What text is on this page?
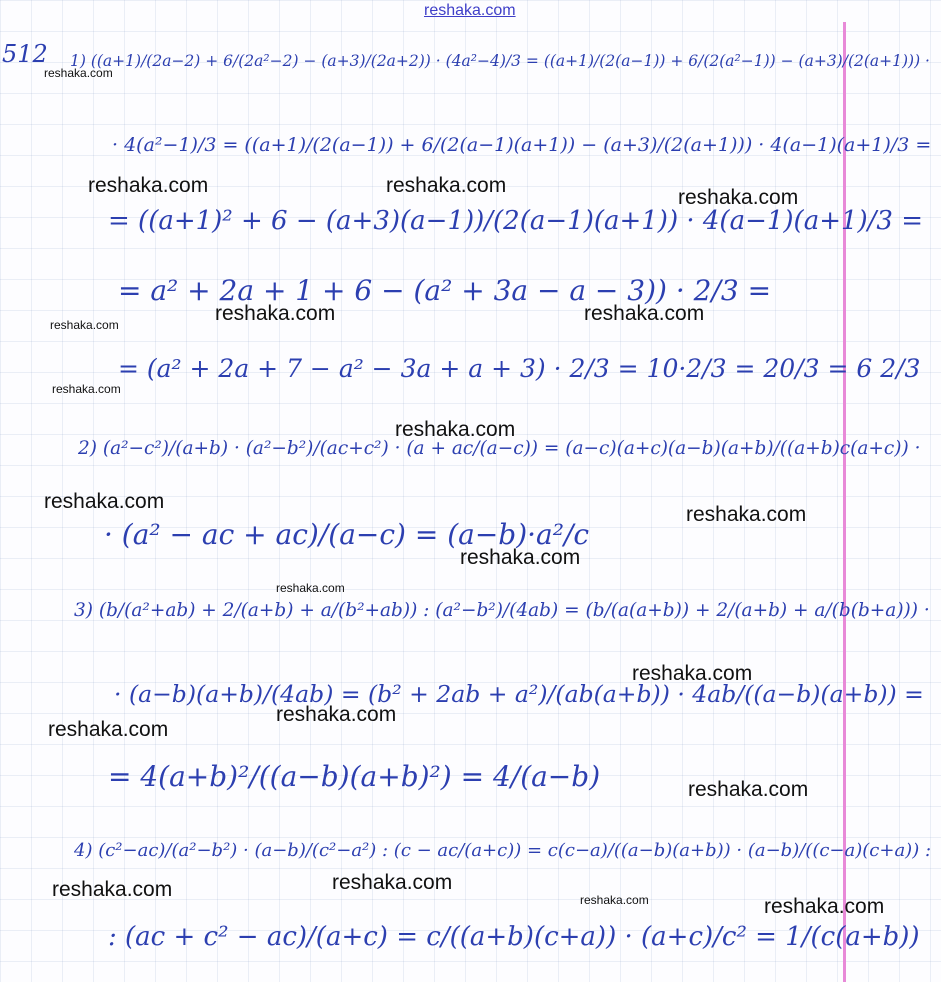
reshaka.com
512 1) ((a+1)/(2a−2) + 6/(2a²−2) − (a+3)/(2a+2)) · (4a²−4)/3 = ((a+1)/(2(a−1)) + 6/(2(a²−1)) − (a+3)/(2(a+1))) ·
· 4(a²−1)/3 = ((a+1)/(2(a−1)) + 6/(2(a−1)(a+1)) − (a+3)/(2(a+1))) · 4(a−1)(a+1)/3 =
= ((a+1)² + 6 − (a+3)(a−1))/(2(a−1)(a+1)) · 4(a−1)(a+1)/3 =
= a² + 2a + 1 + 6 − (a² + 3a − a − 3)) · 2/3 =
= (a² + 2a + 7 − a² − 3a + a + 3) · 2/3 = 10·2/3 = 20/3 = 6 2/3
2) (a²−c²)/(a+b) · (a²−b²)/(ac+c²) · (a + ac/(a−c)) = (a−c)(a+c)(a−b)(a+b)/((a+b)c(a+c)) ·
· (a² − ac + ac)/(a−c) = (a−b)·a²/c
3) (b/(a²+ab) + 2/(a+b) + a/(b²+ab)) : (a²−b²)/(4ab) = (b/(a(a+b)) + 2/(a+b) + a/(b(b+a))) ·
· (a−b)(a+b)/(4ab) = (b² + 2ab + a²)/(ab(a+b)) · 4ab/((a−b)(a+b)) =
= 4(a+b)²/((a−b)(a+b)²) = 4/(a−b)
4) (c²−ac)/(a²−b²) · (a−b)/(c²−a²) : (c − ac/(a+c)) = c(c−a)/((a−b)(a+b)) · (a−b)/((c−a)(c+a)) :
: (ac + c² − ac)/(a+c) = c/((a+b)(c+a)) · (a+c)/c² = 1/(c(a+b))
reshaka.com
reshaka.com	reshaka.com
reshaka.com
reshaka.com	reshaka.com
reshaka.com
reshaka.com
reshaka.com
reshaka.com
reshaka.com
reshaka.com
reshaka.com
reshaka.com
reshaka.com
reshaka.com
reshaka.com
reshaka.com	reshaka.com
reshaka.com	reshaka.com
